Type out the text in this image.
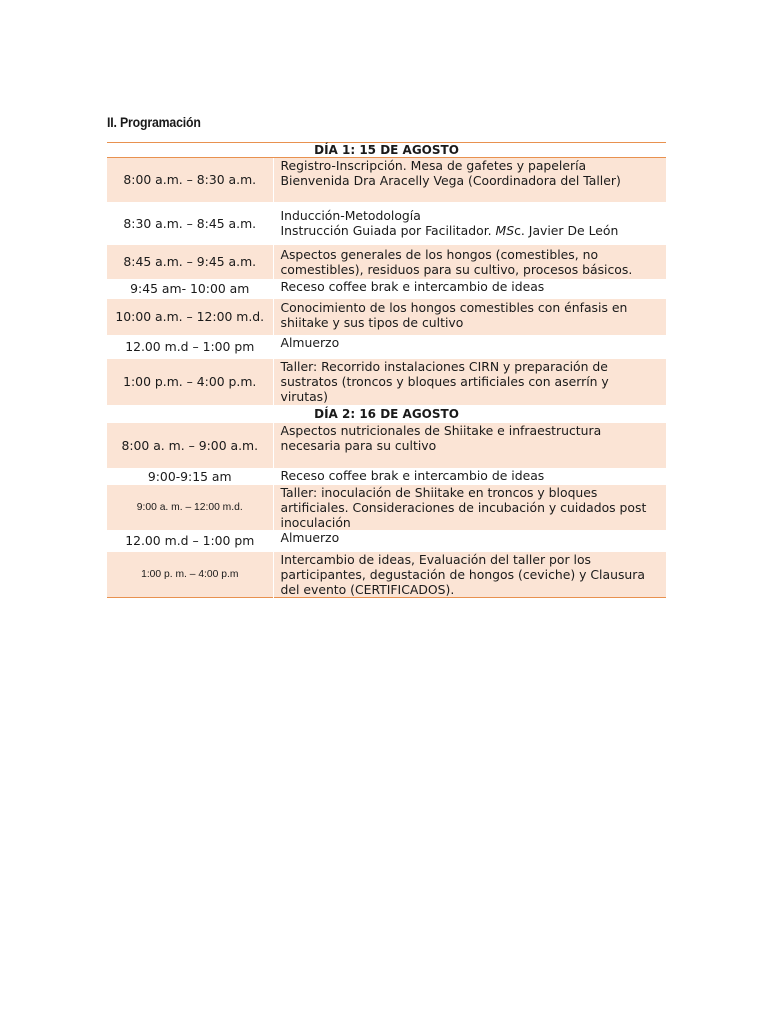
II. Programación
DÍA 1: 15 DE AGOSTO	
8:00 a.m. – 8:30 a.m.	Registro-Inscripción. Mesa de gafetes y papelería
Bienvenida Dra Aracelly Vega (Coordinadora del Taller)

8:30 a.m. – 8:45 a.m.	Inducción-Metodología
Instrucción Guiada por Facilitador. MSc. Javier De León

8:45 a.m. – 9:45 a.m.	Aspectos generales de los hongos (comestibles, no
comestibles), residuos para su cultivo, procesos básicos.

9:45 am- 10:00 am	Receso coffee brak e intercambio de ideas

10:00 a.m. – 12:00 m.d.	Conocimiento de los hongos comestibles con énfasis en
shiitake y sus tipos de cultivo

12.00 m.d – 1:00 pm	Almuerzo

1:00 p.m. – 4:00 p.m.	Taller: Recorrido instalaciones CIRN y preparación de
sustratos (troncos y bloques artificiales con aserrín y
virutas)

DÍA 2: 16 DE AGOSTO	
8:00 a. m. – 9:00 a.m.	Aspectos nutricionales de Shiitake e infraestructura
necesaria para su cultivo

9:00-9:15 am	Receso coffee brak e intercambio de ideas

9:00 a. m. – 12:00 m.d.	Taller: inoculación de Shiitake en troncos y bloques
artificiales. Consideraciones de incubación y cuidados post
inoculación

12.00 m.d – 1:00 pm	Almuerzo

1:00 p. m. – 4:00 p.m	Intercambio de ideas, Evaluación del taller por los
participantes, degustación de hongos (ceviche) y Clausura
del evento (CERTIFICADOS).
